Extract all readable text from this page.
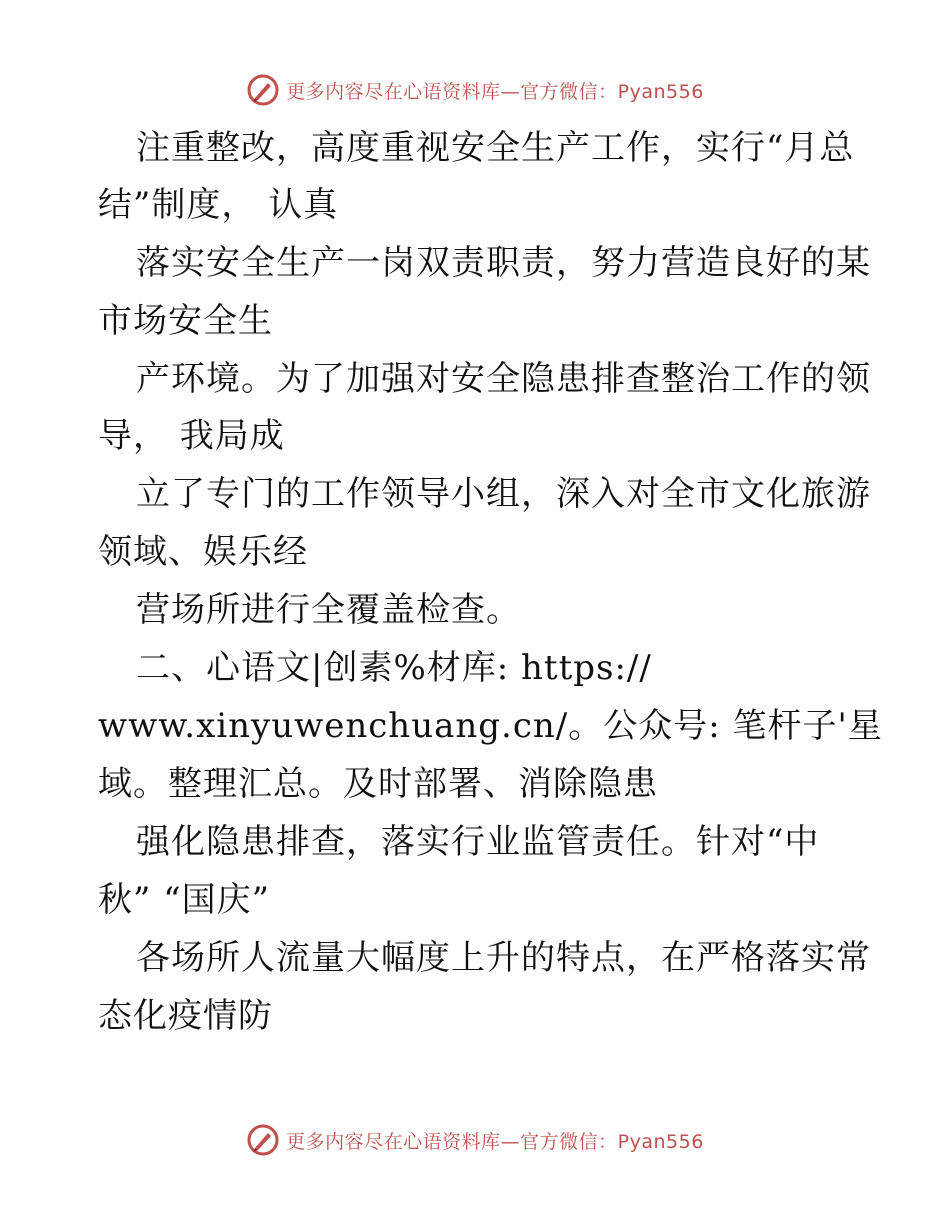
更多内容尽在心语资料库—官方微信：Pyan556
注重整改，高度重视安全生产工作，实行“月总
结”制度， 认真
落实安全生产一岗双责职责，努力营造良好的某
市场安全生
产环境。为了加强对安全隐患排查整治工作的领
导， 我局成
立了专门的工作领导小组，深入对全市文化旅游
领域、娱乐经
营场所进行全覆盖检查。
二、心语文|创素%材库: https://
www.xinyuwenchuang.cn/。公众号: 笔杆子'星
域。整理汇总。及时部署、消除隐患
强化隐患排查，落实行业监管责任。针对“中
秋” “国庆”
各场所人流量大幅度上升的特点，在严格落实常
态化疫情防
更多内容尽在心语资料库—官方微信：Pyan556
